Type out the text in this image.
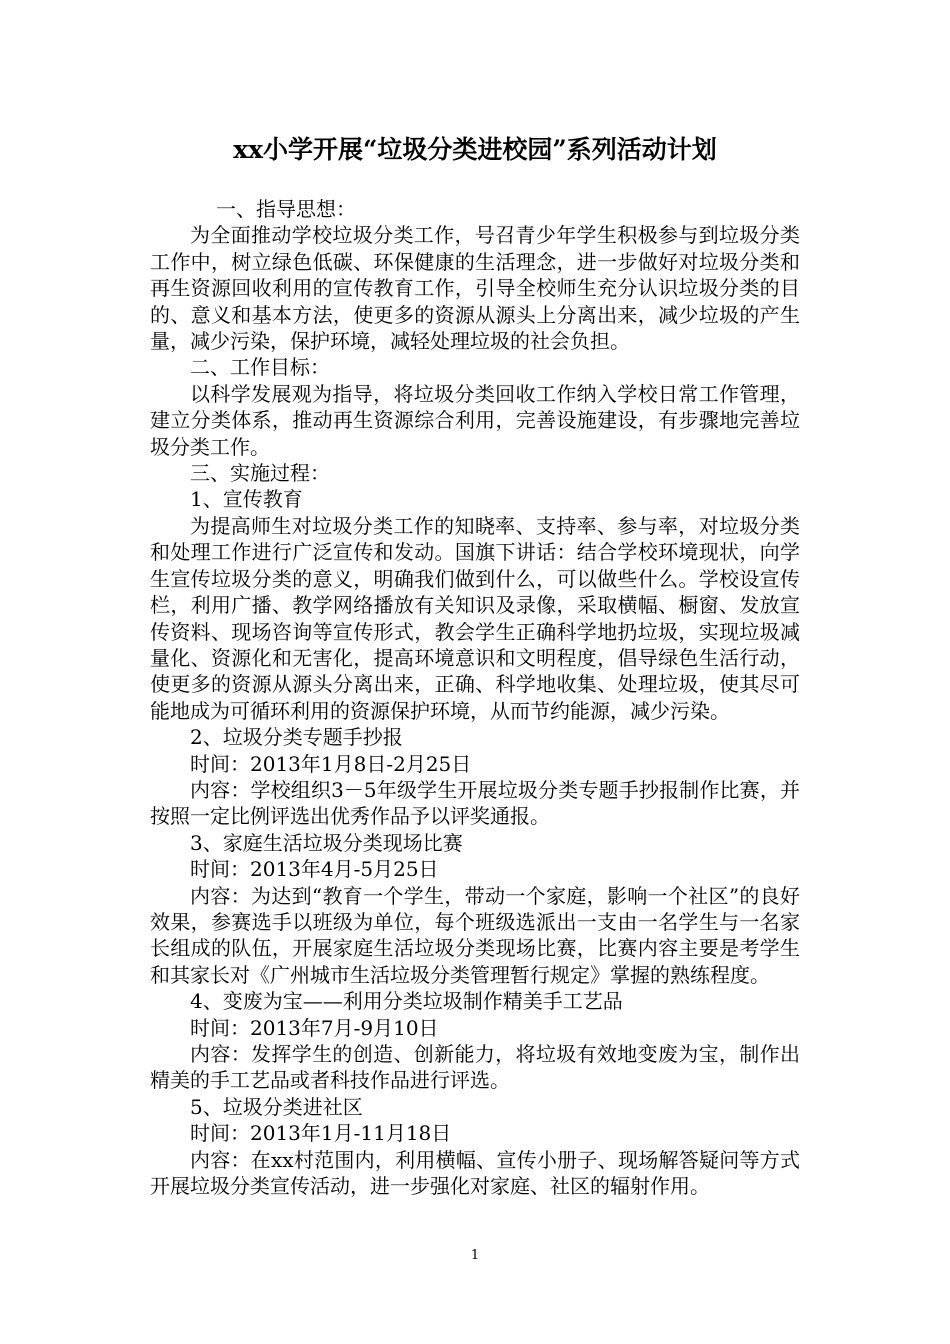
xx小学开展“垃圾分类进校园”系列活动计划

一、指导思想：

为全面推动学校垃圾分类工作，号召青少年学生积极参与到垃圾分类工作中，树立绿色低碳、环保健康的生活理念，进一步做好对垃圾分类和再生资源回收利用的宣传教育工作，引导全校师生充分认识垃圾分类的目的、意义和基本方法，使更多的资源从源头上分离出来，减少垃圾的产生量，减少污染，保护环境，减轻处理垃圾的社会负担。

二、工作目标：

以科学发展观为指导，将垃圾分类回收工作纳入学校日常工作管理，建立分类体系，推动再生资源综合利用，完善设施建设，有步骤地完善垃圾分类工作。

三、实施过程：

1、宣传教育

为提高师生对垃圾分类工作的知晓率、支持率、参与率，对垃圾分类和处理工作进行广泛宣传和发动。国旗下讲话：结合学校环境现状，向学生宣传垃圾分类的意义，明确我们做到什么，可以做些什么。学校设宣传栏，利用广播、教学网络播放有关知识及录像，采取横幅、橱窗、发放宣传资料、现场咨询等宣传形式，教会学生正确科学地扔垃圾，实现垃圾减量化、资源化和无害化，提高环境意识和文明程度，倡导绿色生活行动，使更多的资源从源头分离出来，正确、科学地收集、处理垃圾，使其尽可能地成为可循环利用的资源保护环境，从而节约能源，减少污染。

2、垃圾分类专题手抄报

时间：2013年1月8日-2月25日

内容：学校组织3－5年级学生开展垃圾分类专题手抄报制作比赛，并按照一定比例评选出优秀作品予以评奖通报。

3、家庭生活垃圾分类现场比赛

时间：2013年4月-5月25日

内容：为达到“教育一个学生，带动一个家庭，影响一个社区”的良好效果，参赛选手以班级为单位，每个班级选派出一支由一名学生与一名家长组成的队伍，开展家庭生活垃圾分类现场比赛，比赛内容主要是考学生和其家长对《广州城市生活垃圾分类管理暂行规定》掌握的熟练程度。

4、变废为宝——利用分类垃圾制作精美手工艺品

时间：2013年7月-9月10日

内容：发挥学生的创造、创新能力，将垃圾有效地变废为宝，制作出精美的手工艺品或者科技作品进行评选。

5、垃圾分类进社区

时间：2013年1月-11月18日

内容：在xx村范围内，利用横幅、宣传小册子、现场解答疑问等方式开展垃圾分类宣传活动，进一步强化对家庭、社区的辐射作用。

1
